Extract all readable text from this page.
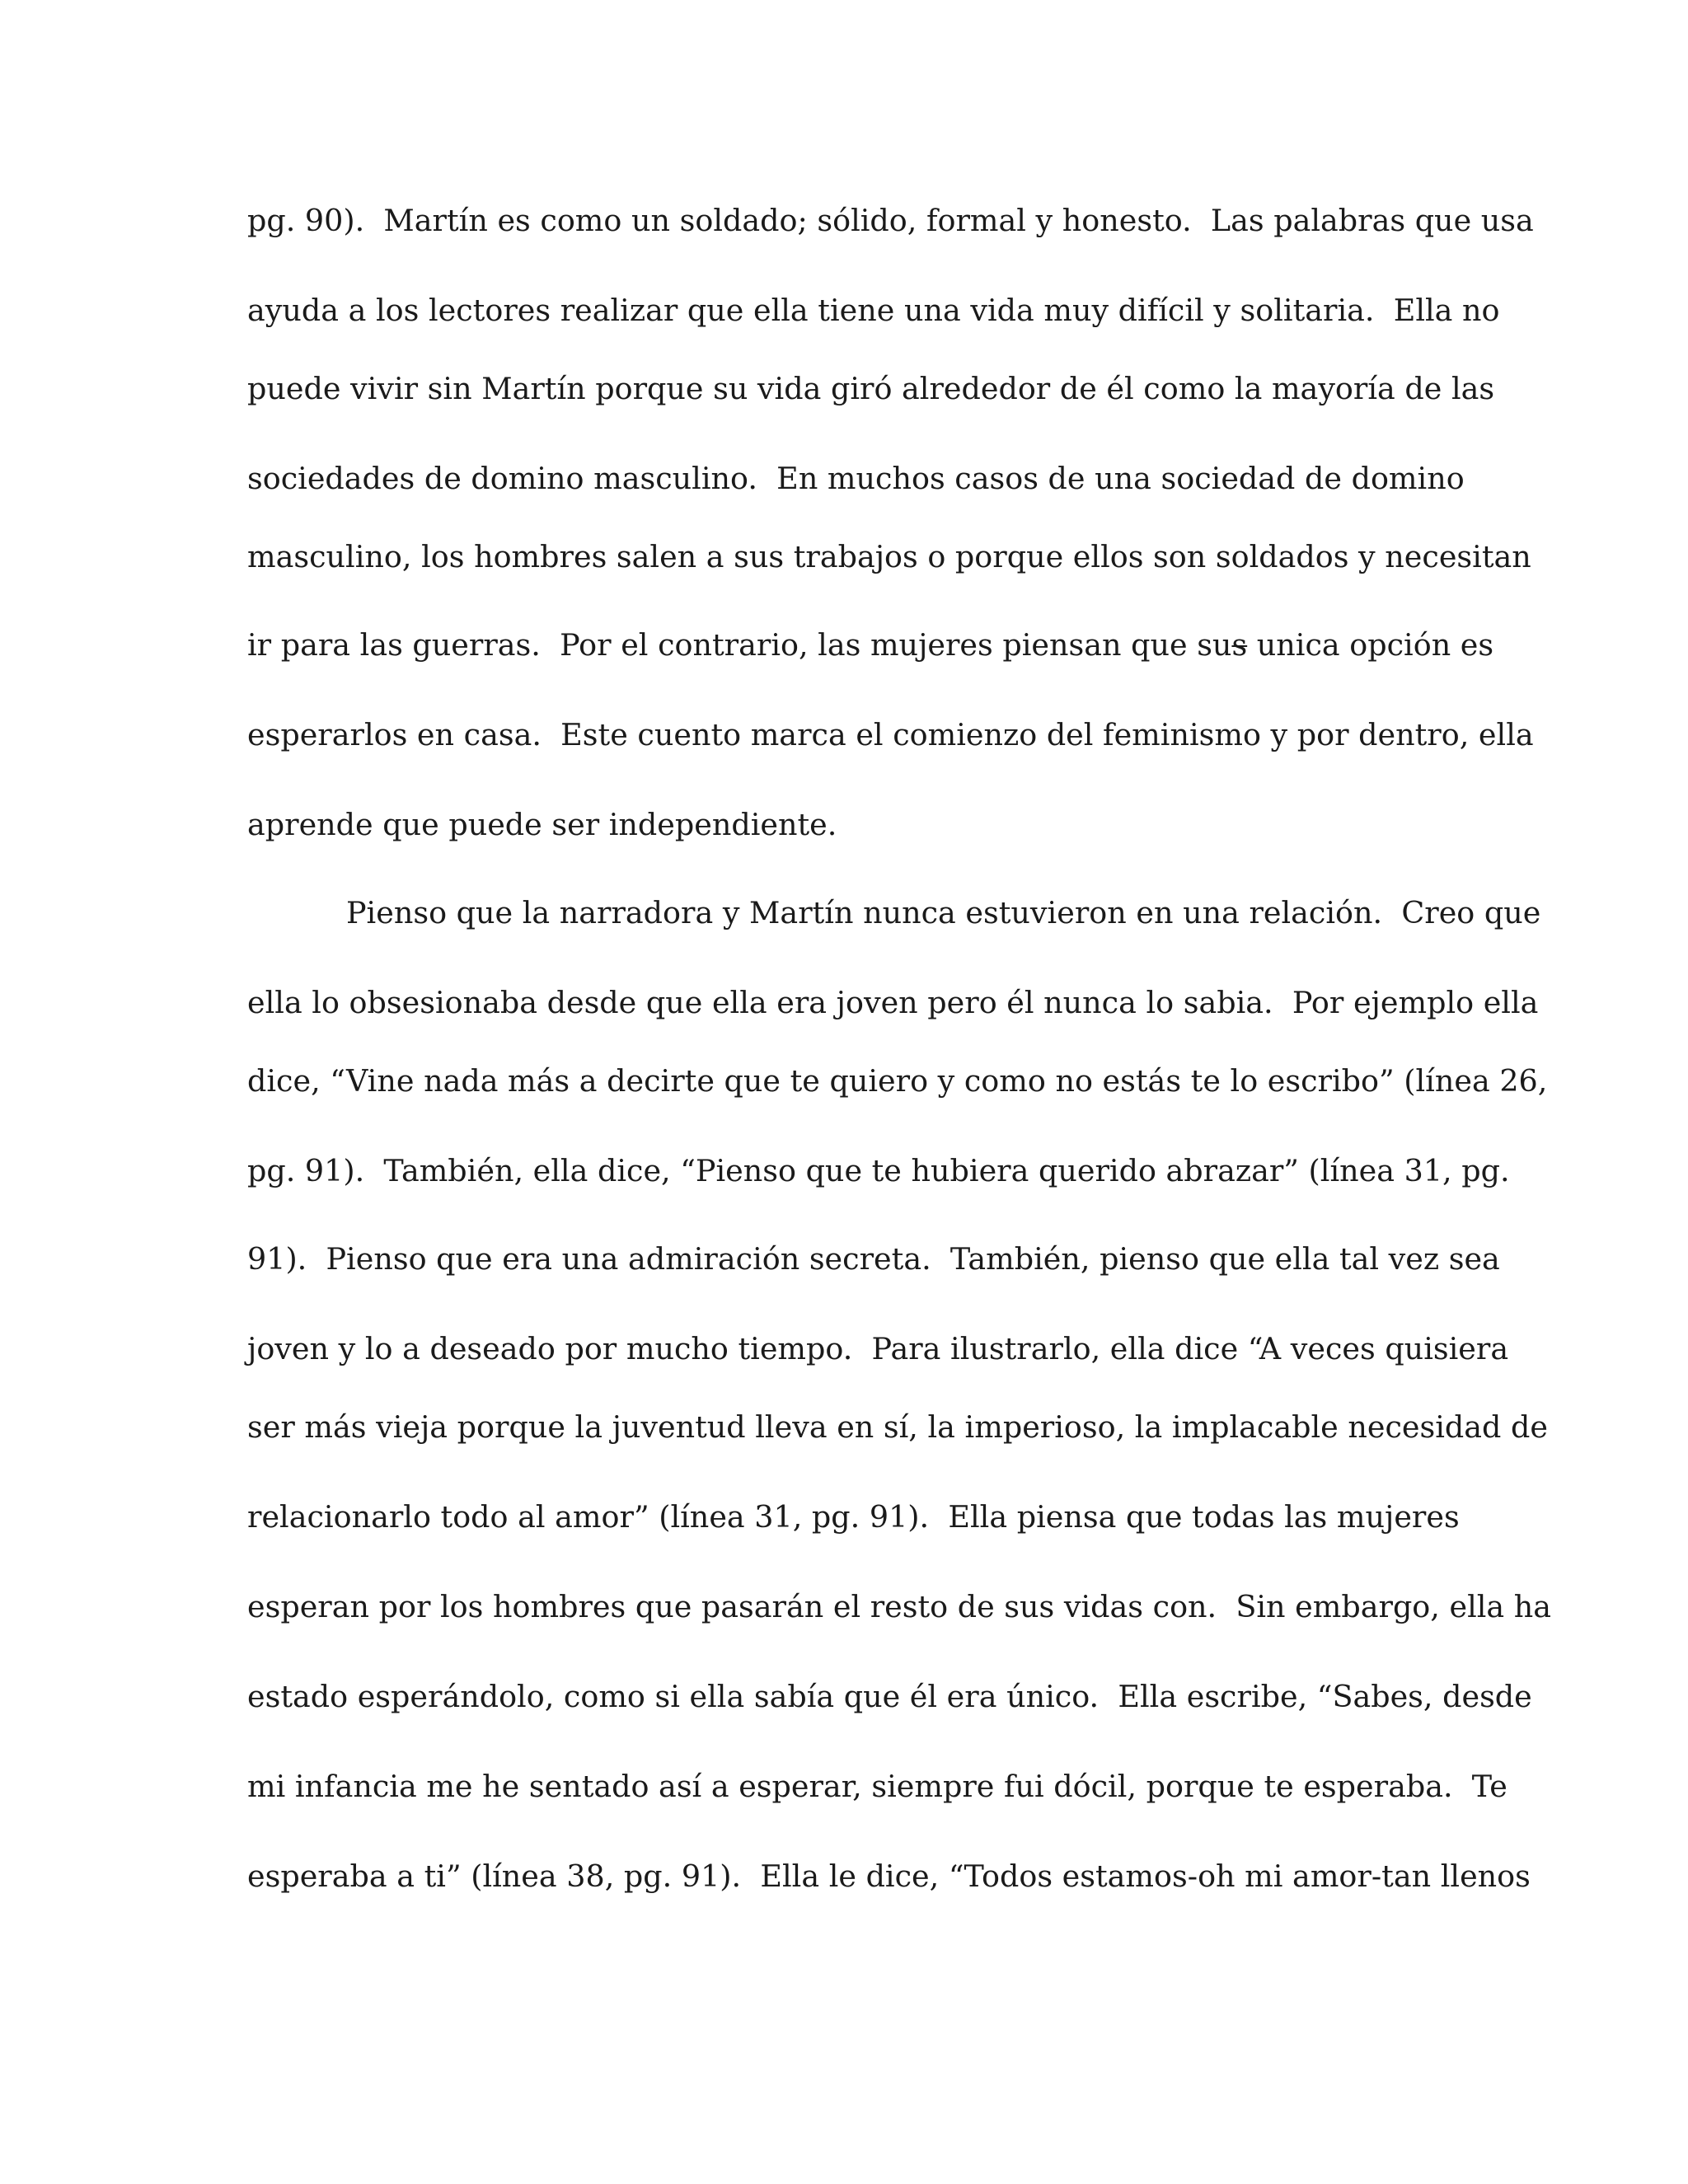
pg. 90).  Martín es como un soldado; sólido, formal y honesto.  Las palabras que usa

ayuda a los lectores realizar que ella tiene una vida muy difícil y solitaria.  Ella no

puede vivir sin Martín porque su vida giró alrededor de él como la mayoría de las

sociedades de domino masculino.  En muchos casos de una sociedad de domino

masculino, los hombres salen a sus trabajos o porque ellos son soldados y necesitan

ir para las guerras.  Por el contrario, las mujeres piensan que sus unica opción es

esperarlos en casa.  Este cuento marca el comienzo del feminismo y por dentro, ella

aprende que puede ser independiente.

Pienso que la narradora y Martín nunca estuvieron en una relación.  Creo que

ella lo obsesionaba desde que ella era joven pero él nunca lo sabia.  Por ejemplo ella

dice, “Vine nada más a decirte que te quiero y como no estás te lo escribo” (línea 26,

pg. 91).  También, ella dice, “Pienso que te hubiera querido abrazar” (línea 31, pg.

91).  Pienso que era una admiración secreta.  También, pienso que ella tal vez sea

joven y lo a deseado por mucho tiempo.  Para ilustrarlo, ella dice “A veces quisiera

ser más vieja porque la juventud lleva en sí, la imperioso, la implacable necesidad de

relacionarlo todo al amor” (línea 31, pg. 91).  Ella piensa que todas las mujeres

esperan por los hombres que pasarán el resto de sus vidas con.  Sin embargo, ella ha

estado esperándolo, como si ella sabía que él era único.  Ella escribe, “Sabes, desde

mi infancia me he sentado así a esperar, siempre fui dócil, porque te esperaba.  Te

esperaba a ti” (línea 38, pg. 91).  Ella le dice, “Todos estamos-oh mi amor-tan llenos
